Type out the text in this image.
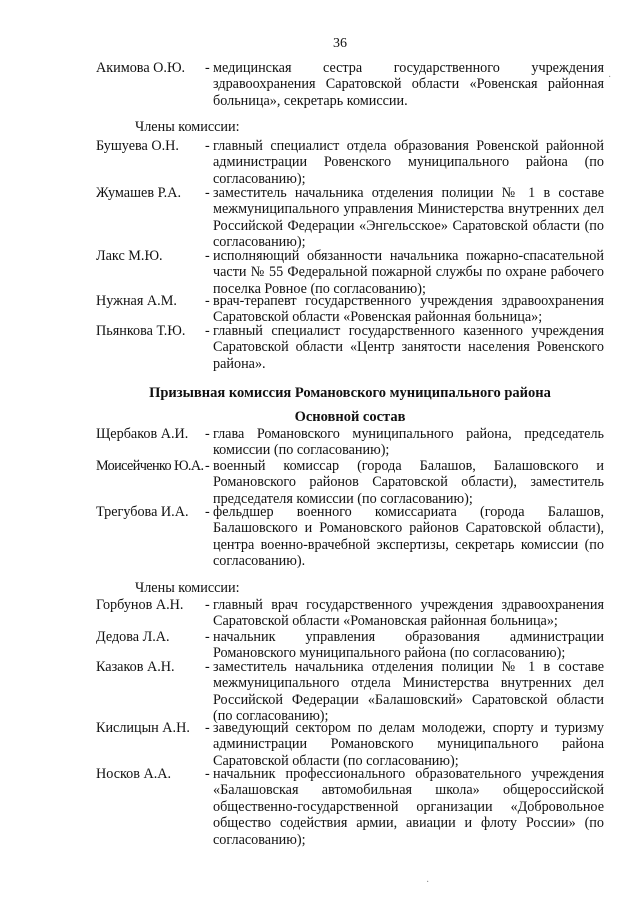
36
Акимова О.Ю. - медицинская сестра государственного учреждения здравоохранения Саратовской области «Ровенская районная больница», секретарь комиссии.
Члены комиссии:
Бушуева О.Н. - главный специалист отдела образования Ровенской районной администрации Ровенского муниципального района (по согласованию);
Жумашев Р.А. - заместитель начальника отделения полиции № 1 в составе межмуниципального управления Министерства внутренних дел Российской Федерации «Энгельсское» Саратовской области (по согласованию);
Лакс М.Ю.	- исполняющий обязанности начальника пожарно-спасательной части № 55 Федеральной пожарной службы по охране рабочего поселка Ровное (по согласованию);
Нужная А.М. - врач-терапевт государственного учреждения здравоохранения Саратовской области «Ровенская районная больница»;
Пьянкова Т.Ю. - главный специалист государственного казенного учреждения Саратовской области «Центр занятости населения Ровенского района».
Призывная комиссия Романовского муниципального района
Основной состав
Щербаков А.И. - глава Романовского муниципального района, председатель комиссии (по согласованию);
Моисейченко Ю.А. - военный комиссар (города Балашов, Балашовского и Романовского районов Саратовской области), заместитель председателя комиссии (по согласованию);
Трегубова И.А. - фельдшер военного комиссариата (города Балашов, Балашовского и Романовского районов Саратовской области), центра военно-врачебной экспертизы, секретарь комиссии (по согласованию).
Члены комиссии:
Горбунов А.Н. - главный врач государственного учреждения здравоохранения Саратовской области «Романовская районная больница»;
Дедова Л.А. - начальник управления образования администрации Романовского муниципального района (по согласованию);
Казаков А.Н. - заместитель начальника отделения полиции № 1 в составе межмуниципального отдела Министерства внутренних дел Российской Федерации «Балашовский» Саратовской области (по согласованию);
Кислицын А.Н. - заведующий сектором по делам молодежи, спорту и туризму администрации Романовского муниципального района Саратовской области (по согласованию);
Носков А.А. - начальник профессионального образовательного учреждения «Балашовская автомобильная школа» общероссийской общественно-государственной организации «Добровольное общество содействия армии, авиации и флоту России» (по согласованию);
·
·
